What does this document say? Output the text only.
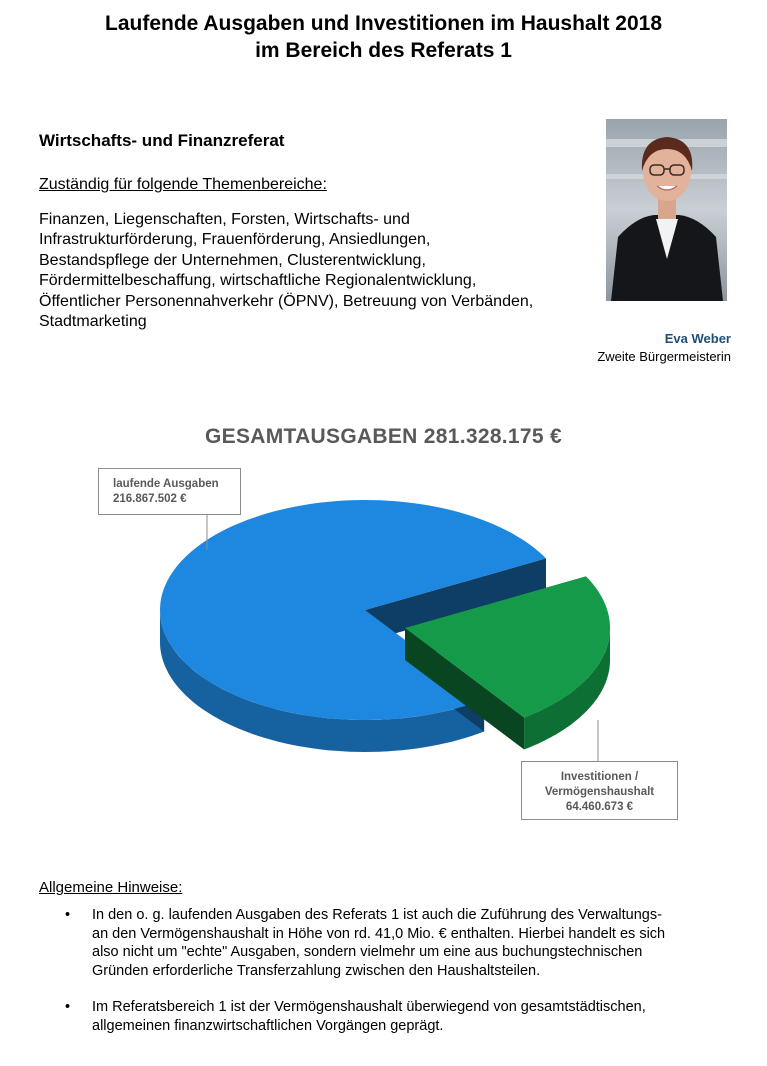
Laufende Ausgaben und Investitionen im Haushalt 2018
im Bereich des Referats 1
Wirtschafts- und Finanzreferat
Zuständig für folgende Themenbereiche:
Finanzen, Liegenschaften, Forsten, Wirtschafts- und
Infrastrukturförderung, Frauenförderung, Ansiedlungen,
Bestandspflege der Unternehmen, Clusterentwicklung,
Fördermittelbeschaffung, wirtschaftliche Regionalentwicklung,
Öffentlicher Personennahverkehr (ÖPNV), Betreuung von Verbänden,
Stadtmarketing
Eva Weber
Zweite Bürgermeisterin
GESAMTAUSGABEN 281.328.175 €
laufende Ausgaben
216.867.502 €
Investitionen /
Vermögenshaushalt
64.460.673 €
Allgemeine Hinweise:
• In den o. g. laufenden Ausgaben des Referats 1 ist auch die Zuführung des Verwaltungs-
an den Vermögenshaushalt in Höhe von rd. 41,0 Mio. € enthalten. Hierbei handelt es sich
also nicht um "echte" Ausgaben, sondern vielmehr um eine aus buchungstechnischen
Gründen erforderliche Transferzahlung zwischen den Haushaltsteilen.
• Im Referatsbereich 1 ist der Vermögenshaushalt überwiegend von gesamtstädtischen,
allgemeinen finanzwirtschaftlichen Vorgängen geprägt.
